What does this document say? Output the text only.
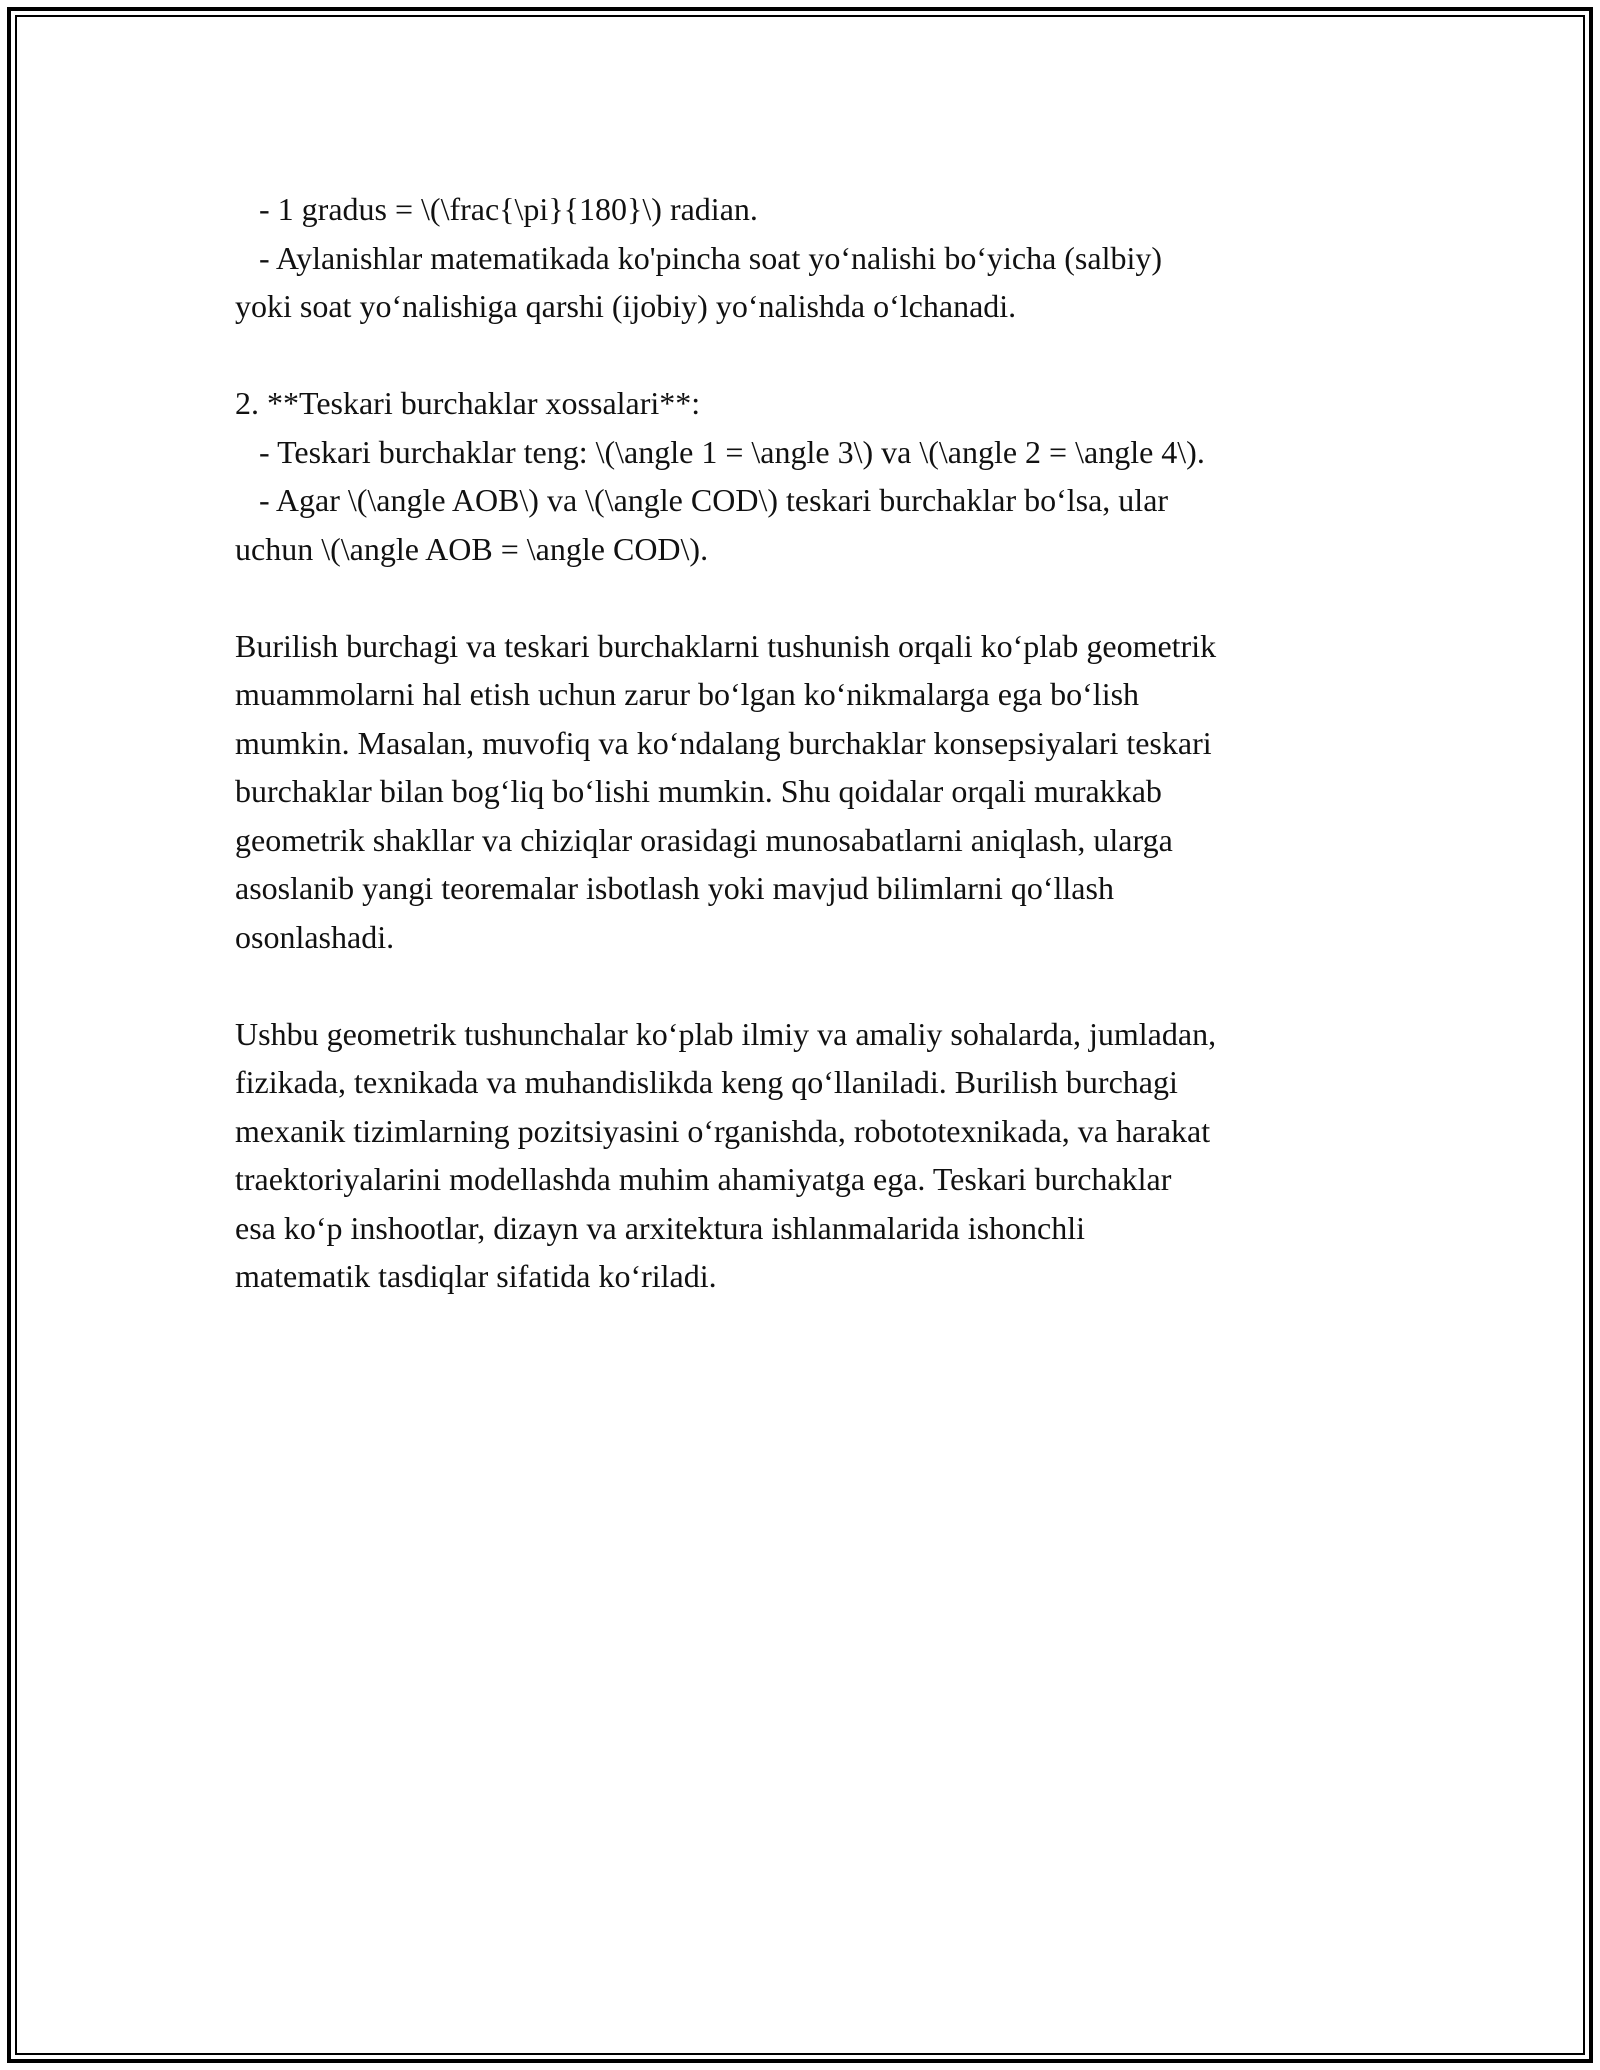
- 1 gradus = \(\frac{\pi}{180}\) radian.
- Aylanishlar matematikada ko'pincha soat yo‘nalishi bo‘yicha (salbiy)
yoki soat yo‘nalishiga qarshi (ijobiy) yo‘nalishda o‘lchanadi.
2. **Teskari burchaklar xossalari**:
- Teskari burchaklar teng: \(\angle 1 = \angle 3\) va \(\angle 2 = \angle 4\).
- Agar \(\angle AOB\) va \(\angle COD\) teskari burchaklar bo‘lsa, ular
uchun \(\angle AOB = \angle COD\).
Burilish burchagi va teskari burchaklarni tushunish orqali ko‘plab geometrik
muammolarni hal etish uchun zarur bo‘lgan ko‘nikmalarga ega bo‘lish
mumkin. Masalan, muvofiq va ko‘ndalang burchaklar konsepsiyalari teskari
burchaklar bilan bog‘liq bo‘lishi mumkin. Shu qoidalar orqali murakkab
geometrik shakllar va chiziqlar orasidagi munosabatlarni aniqlash, ularga
asoslanib yangi teoremalar isbotlash yoki mavjud bilimlarni qo‘llash
osonlashadi.
Ushbu geometrik tushunchalar ko‘plab ilmiy va amaliy sohalarda, jumladan,
fizikada, texnikada va muhandislikda keng qo‘llaniladi. Burilish burchagi
mexanik tizimlarning pozitsiyasini o‘rganishda, robototexnikada, va harakat
traektoriyalarini modellashda muhim ahamiyatga ega. Teskari burchaklar
esa ko‘p inshootlar, dizayn va arxitektura ishlanmalarida ishonchli
matematik tasdiqlar sifatida ko‘riladi.
